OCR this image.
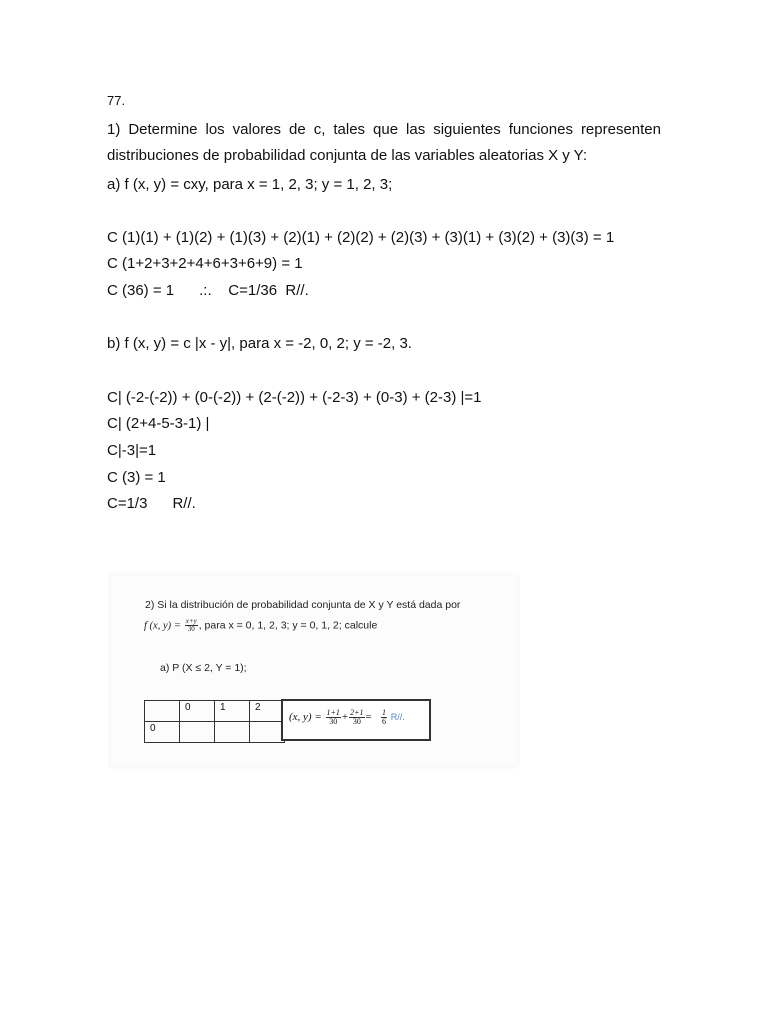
77.
1) Determine los valores de c, tales que las siguientes funciones representen distribuciones de probabilidad conjunta de las variables aleatorias X y Y:
a) f (x, y) = cxy, para x = 1, 2, 3; y = 1, 2, 3;
C (1)(1) + (1)(2) + (1)(3) + (2)(1) + (2)(2) + (2)(3) + (3)(1) + (3)(2) + (3)(3) = 1
C (1+2+3+2+4+6+3+6+9) = 1
C (36) = 1      .:.    C=1/36  R//.
b) f (x, y) = c |x - y|, para x = -2, 0, 2; y = -2, 3.
C| (-2-(-2)) + (0-(-2)) + (2-(-2)) + (-2-3) + (0-3) + (2-3) |=1
C| (2+4-5-3-1) |
C|-3|=1
C (3) = 1
C=1/3      R//.
2) Si la distribución de probabilidad conjunta de X y Y está dada por
f (x, $y) = \frac{x+y}{30}$ , para x = 0, 1, 2, 3; y = 0, 1, 2; calcule
a) P (X ≤ 2, Y = 1);
	0	1	2
0			
(x, $y) = \frac{1+1}{30} + \frac{2+1}{30} = \frac{1}{6} R//$.
